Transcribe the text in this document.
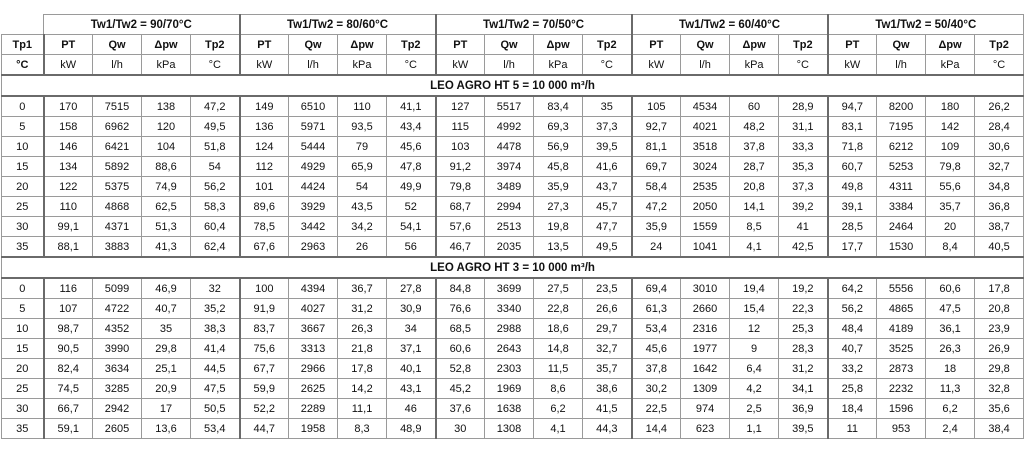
	Tw1/Tw2 = 90/70°C				Tw1/Tw2 = 80/60°C				Tw1/Tw2 = 70/50°C				Tw1/Tw2 = 60/40°C				Tw1/Tw2 = 50/40°C			
Tp1	PT	Qw	Δpw	Tp2	PT	Qw	Δpw	Tp2	PT	Qw	Δpw	Tp2	PT	Qw	Δpw	Tp2	PT	Qw	Δpw	Tp2
°C	kW	l/h	kPa	°C	kW	l/h	kPa	°C	kW	l/h	kPa	°C	kW	l/h	kPa	°C	kW	l/h	kPa	°C
LEO AGRO HT 5 = 10 000 m³/h																				
0	170	7515	138	47,2	149	6510	110	41,1	127	5517	83,4	35	105	4534	60	28,9	94,7	8200	180	26,2
5	158	6962	120	49,5	136	5971	93,5	43,4	115	4992	69,3	37,3	92,7	4021	48,2	31,1	83,1	7195	142	28,4
10	146	6421	104	51,8	124	5444	79	45,6	103	4478	56,9	39,5	81,1	3518	37,8	33,3	71,8	6212	109	30,6
15	134	5892	88,6	54	112	4929	65,9	47,8	91,2	3974	45,8	41,6	69,7	3024	28,7	35,3	60,7	5253	79,8	32,7
20	122	5375	74,9	56,2	101	4424	54	49,9	79,8	3489	35,9	43,7	58,4	2535	20,8	37,3	49,8	4311	55,6	34,8
25	110	4868	62,5	58,3	89,6	3929	43,5	52	68,7	2994	27,3	45,7	47,2	2050	14,1	39,2	39,1	3384	35,7	36,8
30	99,1	4371	51,3	60,4	78,5	3442	34,2	54,1	57,6	2513	19,8	47,7	35,9	1559	8,5	41	28,5	2464	20	38,7
35	88,1	3883	41,3	62,4	67,6	2963	26	56	46,7	2035	13,5	49,5	24	1041	4,1	42,5	17,7	1530	8,4	40,5
LEO AGRO HT 3 = 10 000 m³/h																				
0	116	5099	46,9	32	100	4394	36,7	27,8	84,8	3699	27,5	23,5	69,4	3010	19,4	19,2	64,2	5556	60,6	17,8
5	107	4722	40,7	35,2	91,9	4027	31,2	30,9	76,6	3340	22,8	26,6	61,3	2660	15,4	22,3	56,2	4865	47,5	20,8
10	98,7	4352	35	38,3	83,7	3667	26,3	34	68,5	2988	18,6	29,7	53,4	2316	12	25,3	48,4	4189	36,1	23,9
15	90,5	3990	29,8	41,4	75,6	3313	21,8	37,1	60,6	2643	14,8	32,7	45,6	1977	9	28,3	40,7	3525	26,3	26,9
20	82,4	3634	25,1	44,5	67,7	2966	17,8	40,1	52,8	2303	11,5	35,7	37,8	1642	6,4	31,2	33,2	2873	18	29,8
25	74,5	3285	20,9	47,5	59,9	2625	14,2	43,1	45,2	1969	8,6	38,6	30,2	1309	4,2	34,1	25,8	2232	11,3	32,8
30	66,7	2942	17	50,5	52,2	2289	11,1	46	37,6	1638	6,2	41,5	22,5	974	2,5	36,9	18,4	1596	6,2	35,6
35	59,1	2605	13,6	53,4	44,7	1958	8,3	48,9	30	1308	4,1	44,3	14,4	623	1,1	39,5	11	953	2,4	38,4
